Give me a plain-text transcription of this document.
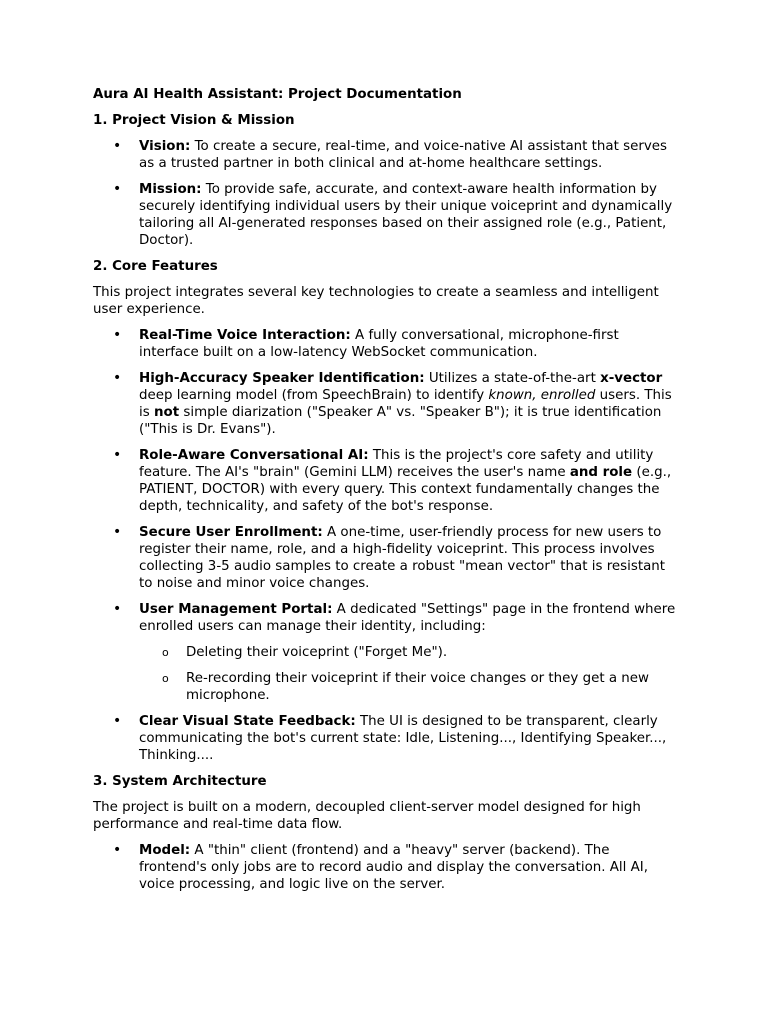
Aura AI Health Assistant: Project Documentation

1. Project Vision & Mission

• Vision: To create a secure, real-time, and voice-native AI assistant that serves as a trusted partner in both clinical and at-home healthcare settings.
• Mission: To provide safe, accurate, and context-aware health information by securely identifying individual users by their unique voiceprint and dynamically tailoring all AI-generated responses based on their assigned role (e.g., Patient, Doctor).

2. Core Features

This project integrates several key technologies to create a seamless and intelligent user experience.

• Real-Time Voice Interaction: A fully conversational, microphone-first interface built on a low-latency WebSocket communication.
• High-Accuracy Speaker Identification: Utilizes a state-of-the-art x-vector deep learning model (from SpeechBrain) to identify known, enrolled users. This is not simple diarization ("Speaker A" vs. "Speaker B"); it is true identification ("This is Dr. Evans").
• Role-Aware Conversational AI: This is the project's core safety and utility feature. The AI's "brain" (Gemini LLM) receives the user's name and role (e.g., PATIENT, DOCTOR) with every query. This context fundamentally changes the depth, technicality, and safety of the bot's response.
• Secure User Enrollment: A one-time, user-friendly process for new users to register their name, role, and a high-fidelity voiceprint. This process involves collecting 3-5 audio samples to create a robust "mean vector" that is resistant to noise and minor voice changes.
• User Management Portal: A dedicated "Settings" page in the frontend where enrolled users can manage their identity, including:
o Deleting their voiceprint ("Forget Me").
o Re-recording their voiceprint if their voice changes or they get a new microphone.
• Clear Visual State Feedback: The UI is designed to be transparent, clearly communicating the bot's current state: Idle, Listening..., Identifying Speaker..., Thinking....

3. System Architecture

The project is built on a modern, decoupled client-server model designed for high performance and real-time data flow.

• Model: A "thin" client (frontend) and a "heavy" server (backend). The frontend's only jobs are to record audio and display the conversation. All AI, voice processing, and logic live on the server.
